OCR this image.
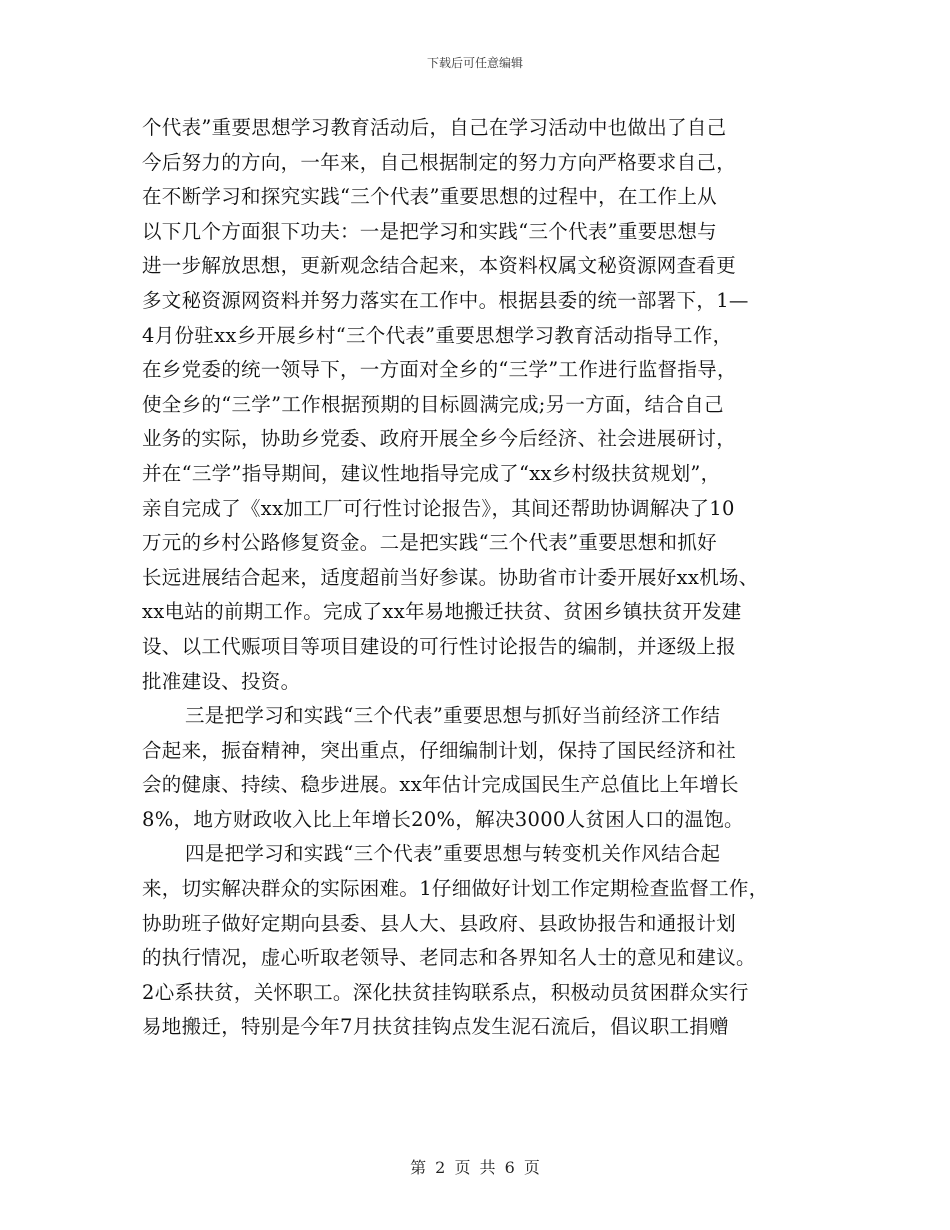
下载后可任意编辑
个代表”重要思想学习教育活动后，自己在学习活动中也做出了自己
今后努力的方向，一年来，自己根据制定的努力方向严格要求自己，
在不断学习和探究实践“三个代表”重要思想的过程中，在工作上从
以下几个方面狠下功夫：一是把学习和实践“三个代表”重要思想与
进一步解放思想，更新观念结合起来，本资料权属文秘资源网查看更
多文秘资源网资料并努力落实在工作中。根据县委的统一部署下，1—
4月份驻xx乡开展乡村“三个代表”重要思想学习教育活动指导工作，
在乡党委的统一领导下，一方面对全乡的“三学”工作进行监督指导，
使全乡的“三学”工作根据预期的目标圆满完成;另一方面，结合自己
业务的实际，协助乡党委、政府开展全乡今后经济、社会进展研讨，
并在“三学”指导期间，建议性地指导完成了“xx乡村级扶贫规划”，
亲自完成了《xx加工厂可行性讨论报告》，其间还帮助协调解决了10
万元的乡村公路修复资金。二是把实践“三个代表”重要思想和抓好
长远进展结合起来，适度超前当好参谋。协助省市计委开展好xx机场、
xx电站的前期工作。完成了xx年易地搬迁扶贫、贫困乡镇扶贫开发建
设、以工代赈项目等项目建设的可行性讨论报告的编制，并逐级上报
批准建设、投资。
三是把学习和实践“三个代表”重要思想与抓好当前经济工作结
合起来，振奋精神，突出重点，仔细编制计划，保持了国民经济和社
会的健康、持续、稳步进展。xx年估计完成国民生产总值比上年增长
8%，地方财政收入比上年增长20%，解决3000人贫困人口的温饱。
四是把学习和实践“三个代表”重要思想与转变机关作风结合起
来，切实解决群众的实际困难。1仔细做好计划工作定期检查监督工作，
协助班子做好定期向县委、县人大、县政府、县政协报告和通报计划
的执行情况，虚心听取老领导、老同志和各界知名人士的意见和建议。
2心系扶贫，关怀职工。深化扶贫挂钩联系点，积极动员贫困群众实行
易地搬迁，特别是今年7月扶贫挂钩点发生泥石流后，倡议职工捐赠
第 2 页 共 6 页
